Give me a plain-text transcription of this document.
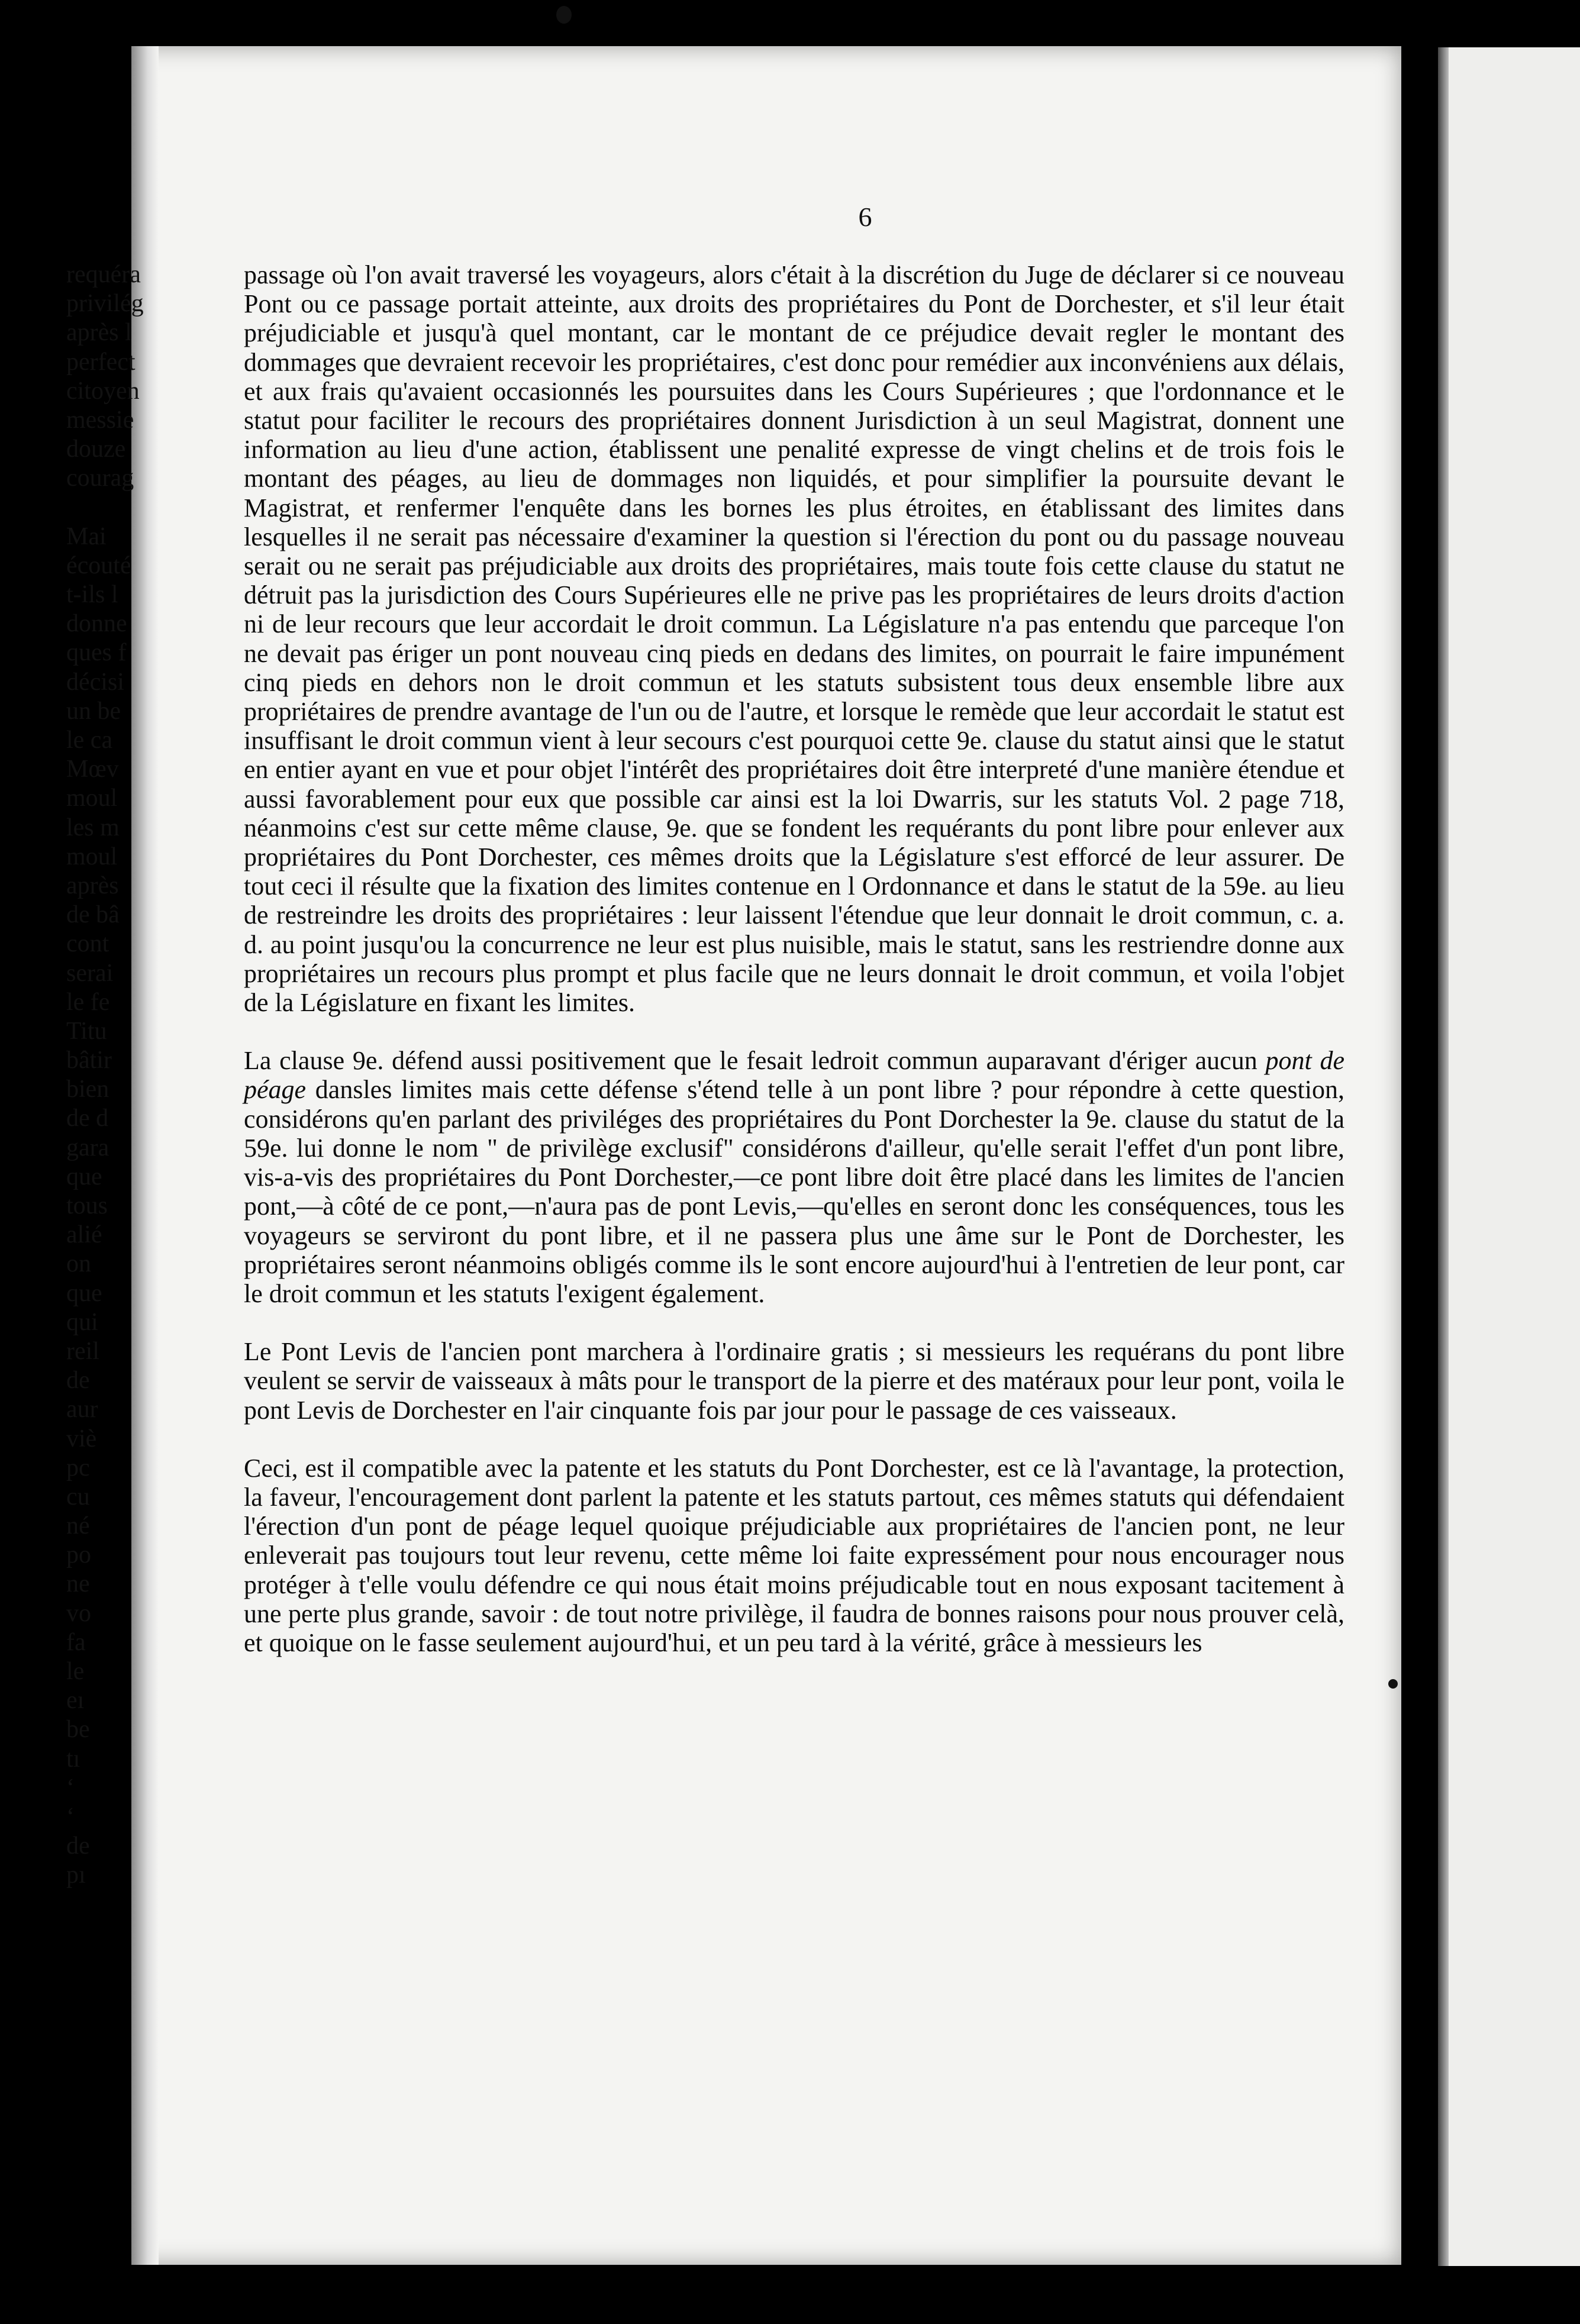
6

passage où l'on avait traversé les voyageurs, alors c'était à la discrétion du Juge de déclarer si ce nouveau Pont ou ce passage portait atteinte, aux droits des propriétaires du Pont de Dorchester, et s'il leur était préjudiciable et jusqu'à quel montant, car le montant de ce préjudice devait regler le montant des dommages que devraient recevoir les propriétaires, c'est donc pour remédier aux inconvéniens aux délais, et aux frais qu'avaient occasionnés les poursuites dans les Cours Supérieures ; que l'ordonnance et le statut pour faciliter le recours des propriétaires donnent Jurisdiction à un seul Magistrat, donnent une information au lieu d'une action, établissent une penalité expresse de vingt chelins et de trois fois le montant des péages, au lieu de dommages non liquidés, et pour simplifier la poursuite devant le Magistrat, et renfermer l'enquête dans les bornes les plus étroites, en établissant des limites dans lesquelles il ne serait pas nécessaire d'examiner la question si l'érection du pont ou du passage nouveau serait ou ne serait pas préjudiciable aux droits des propriétaires, mais toute fois cette clause du statut ne détruit pas la jurisdiction des Cours Supérieures elle ne prive pas les propriétaires de leurs droits d'action ni de leur recours que leur accordait le droit commun. La Législature n'a pas entendu que parceque l'on ne devait pas ériger un pont nouveau cinq pieds en dedans des limites, on pourrait le faire impunément cinq pieds en dehors non le droit commun et les statuts subsistent tous deux ensemble libre aux propriétaires de prendre avantage de l'un ou de l'autre, et lorsque le remède que leur accordait le statut est insuffisant le droit commun vient à leur secours c'est pourquoi cette 9e. clause du statut ainsi que le statut en entier ayant en vue et pour objet l'intérêt des propriétaires doit être interpreté d'une manière étendue et aussi favorablement pour eux que possible car ainsi est la loi Dwarris, sur les statuts Vol. 2 page 718, néanmoins c'est sur cette même clause, 9e. que se fondent les requérants du pont libre pour enlever aux propriétaires du Pont Dorchester, ces mêmes droits que la Législature s'est efforcé de leur assurer. De tout ceci il résulte que la fixation des limites contenue en l Ordonnance et dans le statut de la 59e. au lieu de restreindre les droits des propriétaires : leur laissent l'étendue que leur donnait le droit commun, c. a. d. au point jusqu'ou la concurrence ne leur est plus nuisible, mais le statut, sans les restriendre donne aux propriétaires un recours plus prompt et plus facile que ne leurs donnait le droit commun, et voila l'objet de la Législature en fixant les limites.

La clause 9e. défend aussi positivement que le fesait ledroit commun auparavant d'ériger aucun pont de péage dansles limites mais cette défense s'étend telle à un pont libre ? pour répondre à cette question, considérons qu'en parlant des priviléges des propriétaires du Pont Dorchester la 9e. clause du statut de la 59e. lui donne le nom " de privilège exclusif" considérons d'ailleur, qu'elle serait l'effet d'un pont libre, vis-a-vis des propriétaires du Pont Dorchester,—ce pont libre doit être placé dans les limites de l'ancien pont,—à côté de ce pont,—n'aura pas de pont Levis,—qu'elles en seront donc les conséquences, tous les voyageurs se serviront du pont libre, et il ne passera plus une âme sur le Pont de Dorchester, les propriétaires seront néanmoins obligés comme ils le sont encore aujourd'hui à l'entretien de leur pont, car le droit commun et les statuts l'exigent également.

Le Pont Levis de l'ancien pont marchera à l'ordinaire gratis ; si messieurs les requérans du pont libre veulent se servir de vaisseaux à mâts pour le transport de la pierre et des matéraux pour leur pont, voila le pont Levis de Dorchester en l'air cinquante fois par jour pour le passage de ces vaisseaux.

Ceci, est il compatible avec la patente et les statuts du Pont Dorchester, est ce là l'avantage, la protection, la faveur, l'encouragement dont parlent la patente et les statuts partout, ces mêmes statuts qui défendaient l'érection d'un pont de péage lequel quoique préjudiciable aux propriétaires de l'ancien pont, ne leur enleverait pas toujours tout leur revenu, cette même loi faite expressément pour nous encourager nous protéger à t'elle voulu défendre ce qui nous était moins préjudicable tout en nous exposant tacitement à une perte plus grande, savoir : de tout notre privilège, il faudra de bonnes raisons pour nous prouver celà, et quoique on le fasse seulement aujourd'hui, et un peu tard à la vérité, grâce à messieurs les

requéra
privilég
après l
perfect
citoyen
messie
douze
courag
Mai
écouté
t-ils l
donne
ques f
décisi
un be
le ca
Mœv
moul
les m
moul
après
de bâ
cont
serai
le fe
Titu
bâtir
bien
de d
gara
que
tous
alié
on
que
qui
reil
de
aur
viè
pc
cu
né
po
ne
vo
fa
le
eı
be
tı
‘
‘
de
pı
